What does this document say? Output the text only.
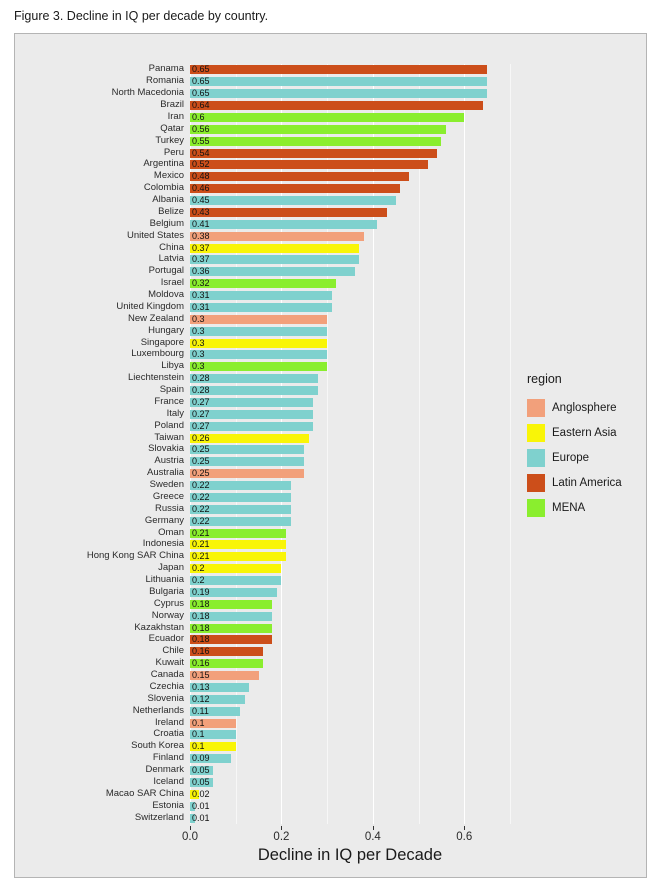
Figure 3. Decline in IQ per decade by country.
Panama 0.65
Romania 0.65
North Macedonia 0.65
Brazil 0.64
Iran 0.6
Qatar 0.56
Turkey 0.55
Peru 0.54
Argentina 0.52
Mexico 0.48
Colombia 0.46
Albania 0.45
Belize 0.43
Belgium 0.41
United States 0.38
China 0.37
Latvia 0.37
Portugal 0.36
Israel 0.32
Moldova 0.31
United Kingdom 0.31
New Zealand 0.3
Hungary 0.3
Singapore 0.3
Luxembourg 0.3
Libya 0.3
Liechtenstein 0.28
Spain 0.28
France 0.27
Italy 0.27
Poland 0.27
Taiwan 0.26
Slovakia 0.25
Austria 0.25
Australia 0.25
Sweden 0.22
Greece 0.22
Russia 0.22
Germany 0.22
Oman 0.21
Indonesia 0.21
Hong Kong SAR China 0.21
Japan 0.2
Lithuania 0.2
Bulgaria 0.19
Cyprus 0.18
Norway 0.18
Kazakhstan 0.18
Ecuador 0.18
Chile 0.16
Kuwait 0.16
Canada 0.15
Czechia 0.13
Slovenia 0.12
Netherlands 0.11
Ireland 0.1
Croatia 0.1
South Korea 0.1
Finland 0.09
Denmark 0.05
Iceland 0.05
Macao SAR China 0.02
Estonia 0.01
Switzerland 0.01
0.0	0.2	0.4	0.6
Decline in IQ per Decade
region
Anglosphere
Eastern Asia
Europe
Latin America
MENA
